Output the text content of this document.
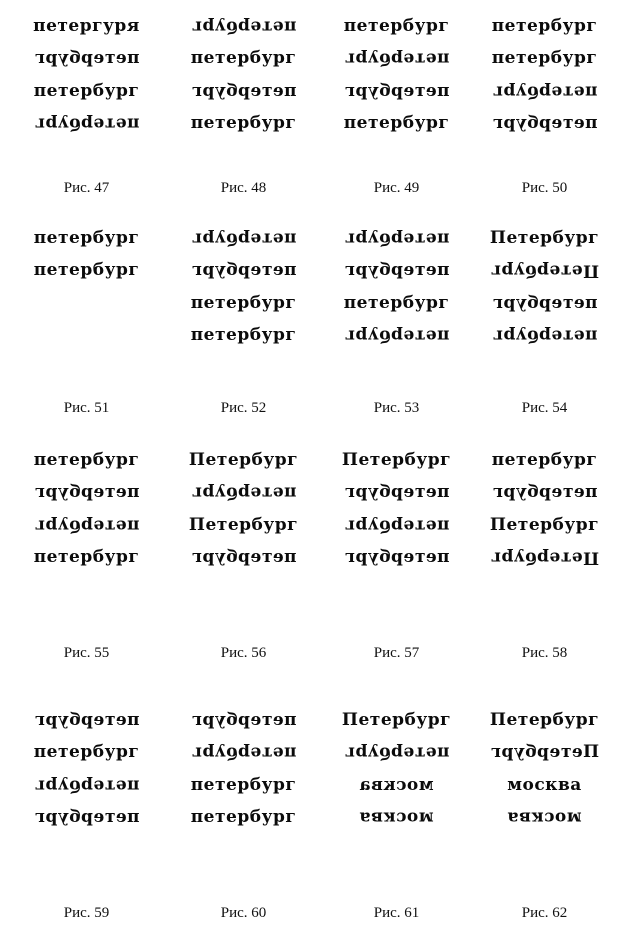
петергуря
петербург
петербург
петербург
Рис. 47
петербург
петербург
петербург
петербург
Рис. 48
петербург
петербург
петербург
петербург
Рис. 49
петербург
петербург
петербург
петербург
Рис. 50
петербург
петербург
Рис. 51
петербург
петербург
петербург
петербург
Рис. 52
петербург
петербург
петербург
петербург
Рис. 53
Петербург
Петербург
петербург
петербург
Рис. 54
петербург
петербург
петербург
петербург
Рис. 55
Петербург
петербург
Петербург
петербург
Рис. 56
Петербург
петербург
петербург
петербург
Рис. 57
петербург
петербург
Петербург
Петербург
Рис. 58
петербург
петербург
петербург
петербург
Рис. 59
петербург
петербург
петербург
петербург
Рис. 60
Петербург
петербург
москва
москва
Рис. 61
Петербург
Петербург
москва
москва
Рис. 62
